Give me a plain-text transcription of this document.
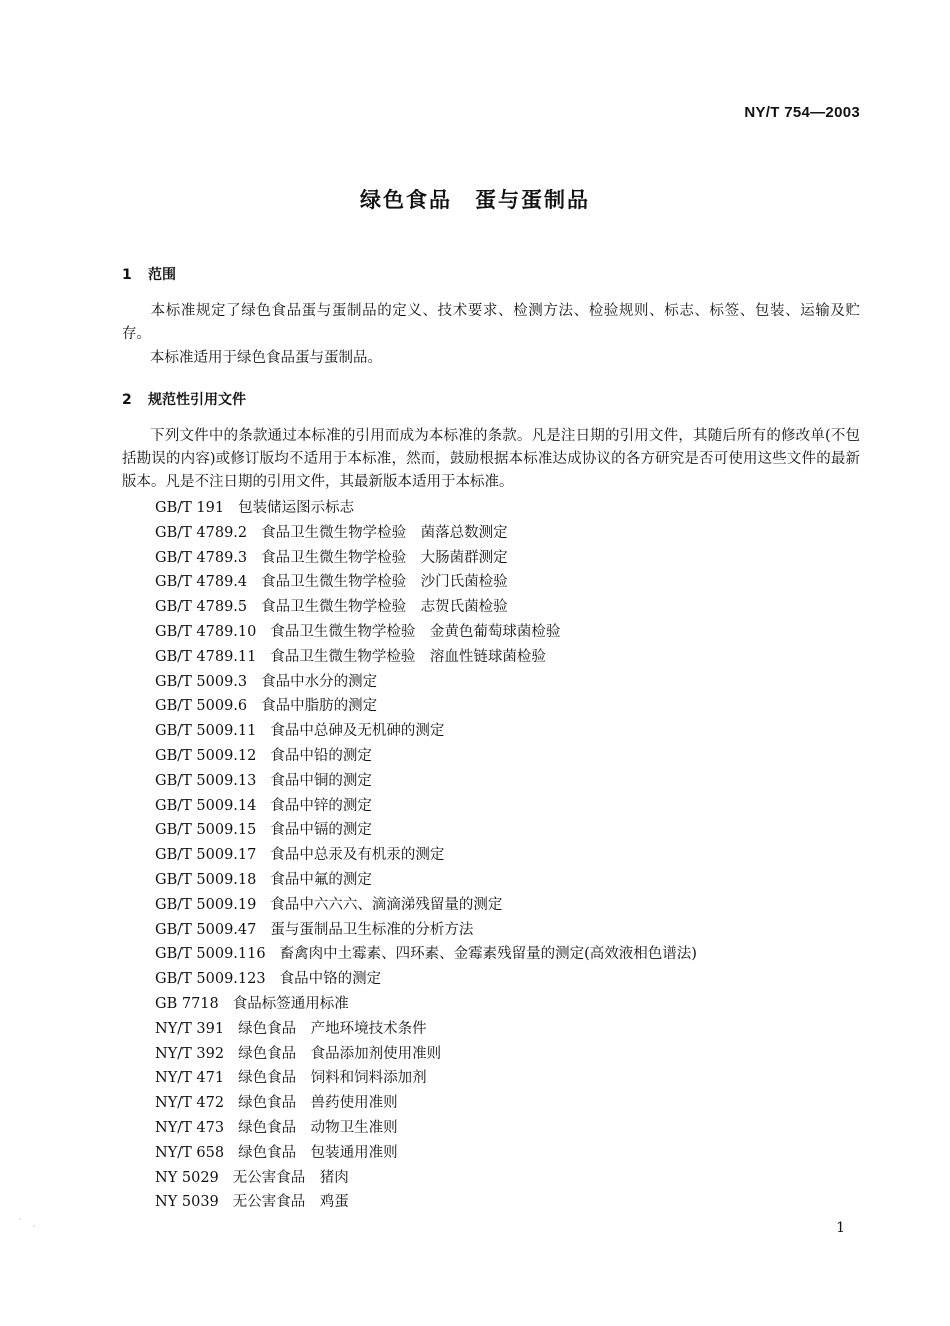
NY/T 754—2003
绿色食品　蛋与蛋制品
1 范围
本标准规定了绿色食品蛋与蛋制品的定义、技术要求、检测方法、检验规则、标志、标签、包装、运输及贮存。
本标准适用于绿色食品蛋与蛋制品。
2 规范性引用文件
下列文件中的条款通过本标准的引用而成为本标准的条款。凡是注日期的引用文件，其随后所有的修改单(不包括勘误的内容)或修订版均不适用于本标准，然而，鼓励根据本标准达成协议的各方研究是否可使用这些文件的最新版本。凡是不注日期的引用文件，其最新版本适用于本标准。
GB/T 191 包装储运图示标志
GB/T 4789.2 食品卫生微生物学检验　菌落总数测定
GB/T 4789.3 食品卫生微生物学检验　大肠菌群测定
GB/T 4789.4 食品卫生微生物学检验　沙门氏菌检验
GB/T 4789.5 食品卫生微生物学检验　志贺氏菌检验
GB/T 4789.10 食品卫生微生物学检验　金黄色葡萄球菌检验
GB/T 4789.11 食品卫生微生物学检验　溶血性链球菌检验
GB/T 5009.3 食品中水分的测定
GB/T 5009.6 食品中脂肪的测定
GB/T 5009.11 食品中总砷及无机砷的测定
GB/T 5009.12 食品中铅的测定
GB/T 5009.13 食品中铜的测定
GB/T 5009.14 食品中锌的测定
GB/T 5009.15 食品中镉的测定
GB/T 5009.17 食品中总汞及有机汞的测定
GB/T 5009.18 食品中氟的测定
GB/T 5009.19 食品中六六六、滴滴涕残留量的测定
GB/T 5009.47 蛋与蛋制品卫生标准的分析方法
GB/T 5009.116 畜禽肉中土霉素、四环素、金霉素残留量的测定(高效液相色谱法)
GB/T 5009.123 食品中铬的测定
GB 7718 食品标签通用标准
NY/T 391 绿色食品　产地环境技术条件
NY/T 392 绿色食品　食品添加剂使用准则
NY/T 471 绿色食品　饲料和饲料添加剂
NY/T 472 绿色食品　兽药使用准则
NY/T 473 绿色食品　动物卫生准则
NY/T 658 绿色食品　包装通用准则
NY 5029 无公害食品　猪肉
NY 5039 无公害食品　鸡蛋
˙ ˏ	1
